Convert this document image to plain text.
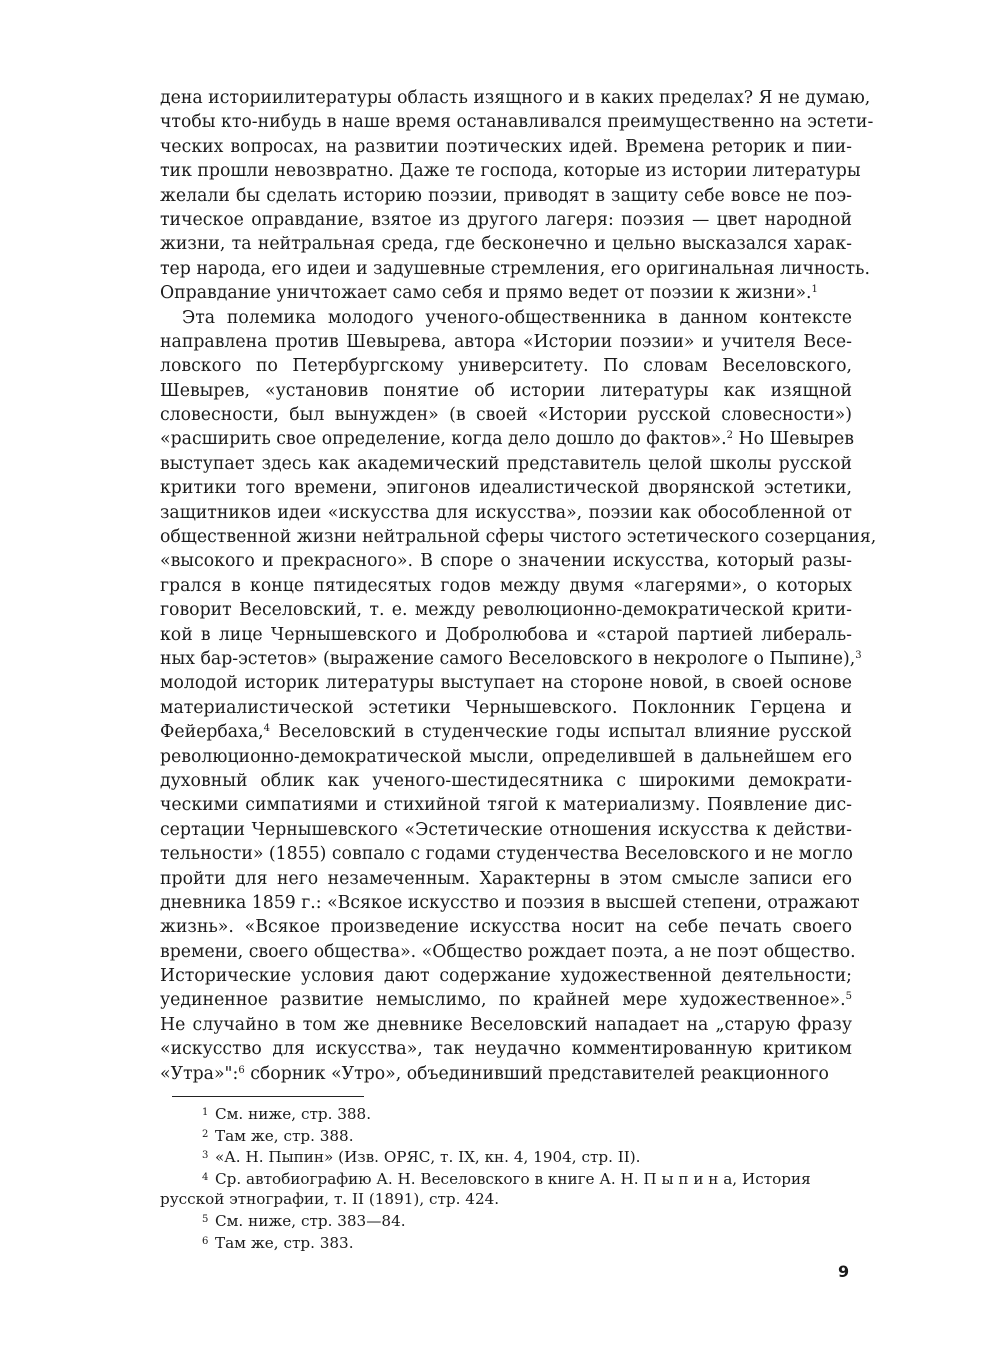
дена историилитературы область изящного и в каких пределах? Я не думаю,
чтобы кто-нибудь в наше время останавливался преимущественно на эстети-
ческих вопросах, на развитии поэтических идей. Времена реторик и пии-
тик прошли невозвратно. Даже те господа, которые из истории литературы
желали бы сделать историю поэзии, приводят в защиту себе вовсе не поэ-
тическое оправдание, взятое из другого лагеря: поэзия — цвет народной
жизни, та нейтральная среда, где бесконечно и цельно высказался харак-
тер народа, его идеи и задушевные стремления, его оригинальная личность.
Оправдание уничтожает само себя и прямо ведет от поэзии к жизни».$^1$
Эта полемика молодого ученого-общественника в данном контексте
направлена против Шевырева, автора «Истории поэзии» и учителя Весе-
ловского по Петербургскому университету. По словам Веселовского,
Шевырев, «установив понятие об истории литературы как изящной
словесности, был вынужден» (в своей «Истории русской словесности»)
«расширить свое определение, когда дело дошло до фактов».$^2$ Но Шевырев
выступает здесь как академический представитель целой школы русской
критики того времени, эпигонов идеалистической дворянской эстетики,
защитников идеи «искусства для искусства», поэзии как обособленной от
общественной жизни нейтральной сферы чистого эстетического созерцания,
«высокого и прекрасного». В споре о значении искусства, который разы-
грался в конце пятидесятых годов между двумя «лагерями», о которых
говорит Веселовский, т. е. между революционно-демократической крити-
кой в лице Чернышевского и Добролюбова и «старой партией либераль-
ных бар-эстетов» (выражение самого Веселовского в некрологе о Пыпине),$^3$
молодой историк литературы выступает на стороне новой, в своей основе
материалистической эстетики Чернышевского. Поклонник Герцена и
Фейербаха,$^4$ Веселовский в студенческие годы испытал влияние русской
революционно-демократической мысли, определившей в дальнейшем его
духовный облик как ученого-шестидесятника с широкими демократи-
ческими симпатиями и стихийной тягой к материализму. Появление дис-
сертации Чернышевского «Эстетические отношения искусства к действи-
тельности» (1855) совпало с годами студенчества Веселовского и не могло
пройти для него незамеченным. Характерны в этом смысле записи его
дневника 1859 г.: «Всякое искусство и поэзия в высшей степени, отражают
жизнь». «Всякое произведение искусства носит на себе печать своего
времени, своего общества». «Общество рождает поэта, а не поэт общество.
Исторические условия дают содержание художественной деятельности;
уединенное развитие немыслимо, по крайней мере художественное».$^5$
Не случайно в том же дневнике Веселовский нападает на „старую фразу
«искусство для искусства», так неудачно комментированную критиком
«Утра»":$^6$ сборник «Утро», объединивший представителей реакционного
1 См. ниже, стр. 388.
2 Там же, стр. 388.
3 «А. Н. Пыпин» (Изв. ОРЯС, т. IX, кн. 4, 1904, стр. II).
4 Ср. автобиографию А. Н. Веселовского в книге А. Н. П ы п и н а, История
русской этнографии, т. II (1891), стр. 424.
5 См. ниже, стр. 383—84.
6 Там же, стр. 383.
9
